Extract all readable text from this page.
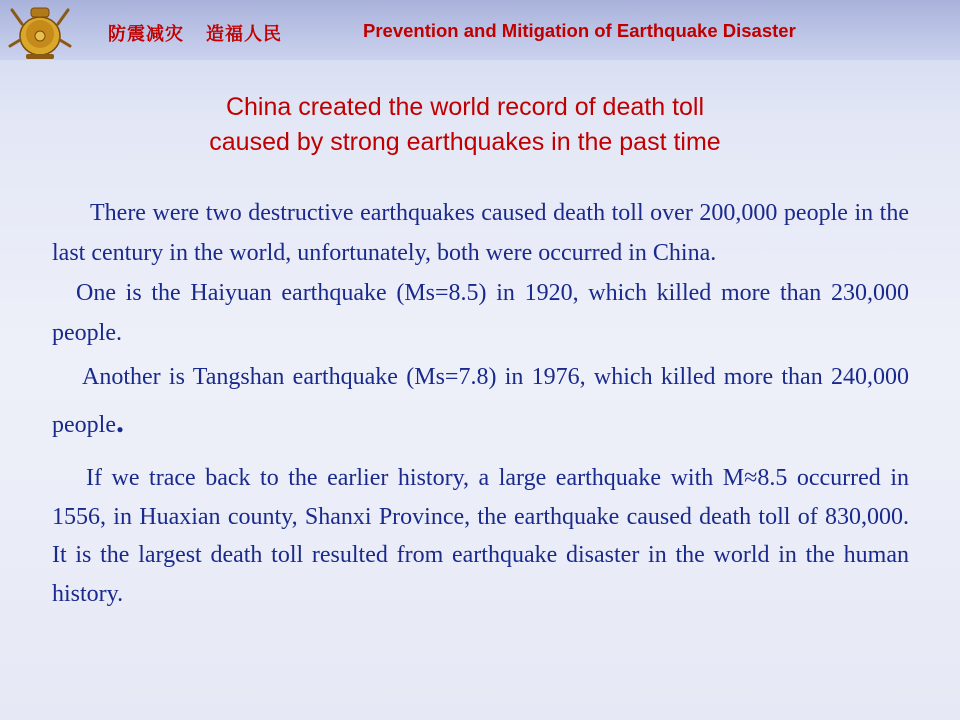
防震减灾 造福人民	Prevention and Mitigation of Earthquake Disaster
China created the world record of death toll
caused by strong earthquakes in the past time

There were two destructive earthquakes caused death toll over 200,000 people in the last century in the world, unfortunately, both were occurred in China.

One is the Haiyuan earthquake (Ms=8.5) in 1920, which killed more than 230,000 people.

Another is Tangshan earthquake (Ms=7.8) in 1976, which killed more than 240,000 people.

If we trace back to the earlier history, a large earthquake with M≈8.5 occurred in 1556, in Huaxian county, Shanxi Province, the earthquake caused death toll of 830,000. It is the largest death toll resulted from earthquake disaster in the world in the human history.
